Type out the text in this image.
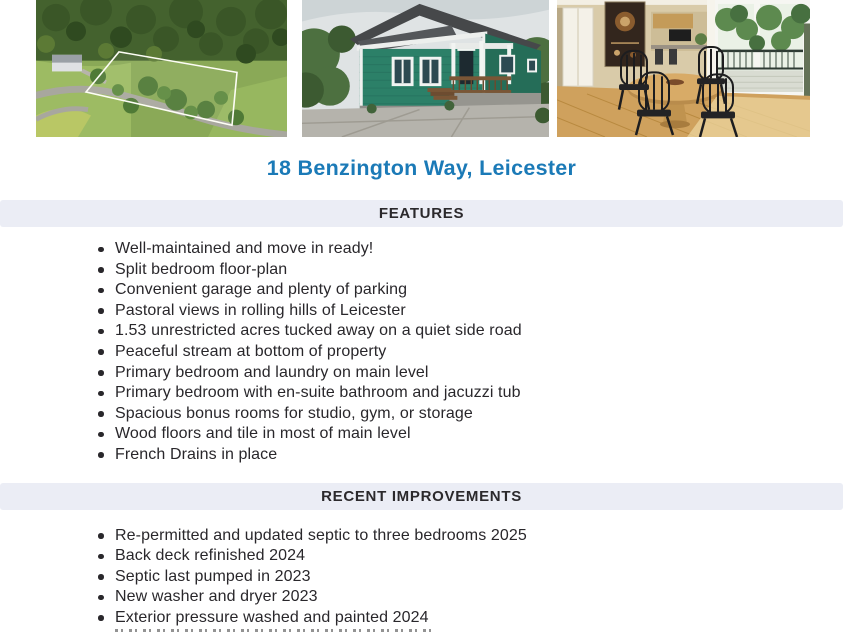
18 Benzington Way, Leicester
FEATURES
Well-maintained and move in ready!
Split bedroom floor-plan
Convenient garage and plenty of parking
Pastoral views in rolling hills of Leicester
1.53 unrestricted acres tucked away on a quiet side road
Peaceful stream at bottom of property
Primary bedroom and laundry on main level
Primary bedroom with en-suite bathroom and jacuzzi tub
Spacious bonus rooms for studio, gym, or storage
Wood floors and tile in most of main level
French Drains in place
RECENT IMPROVEMENTS
Re-permitted and updated septic to three bedrooms 2025
Back deck refinished 2024
Septic last pumped in 2023
New washer and dryer 2023
Exterior pressure washed and painted 2024
